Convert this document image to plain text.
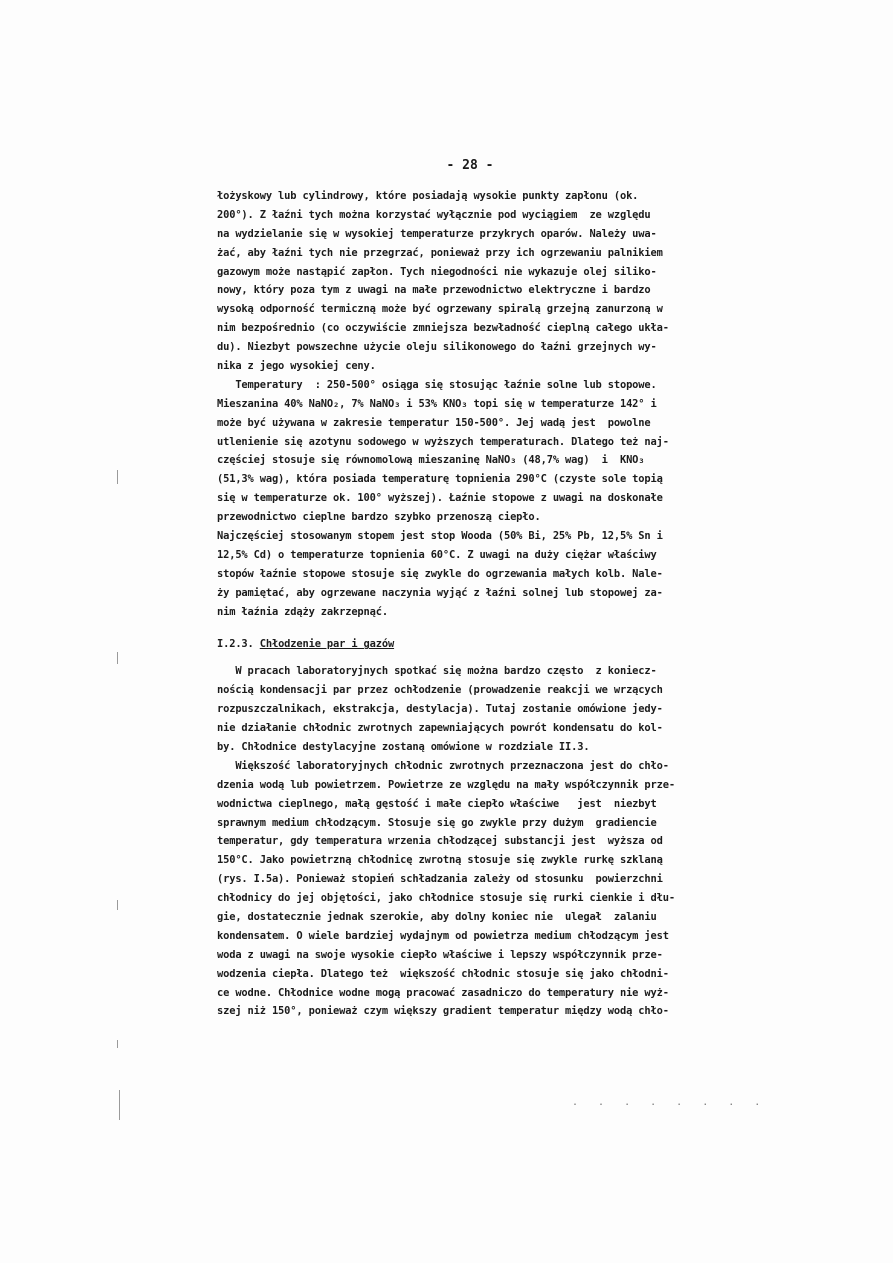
- 28 -
łożyskowy lub cylindrowy, które posiadają wysokie punkty zapłonu (ok.
200°). Z łaźni tych można korzystać wyłącznie pod wyciągiem  ze względu
na wydzielanie się w wysokiej temperaturze przykrych oparów. Należy uwa-
żać, aby łaźni tych nie przegrzać, ponieważ przy ich ogrzewaniu palnikiem
gazowym może nastąpić zapłon. Tych niegodności nie wykazuje olej siliko-
nowy, który poza tym z uwagi na małe przewodnictwo elektryczne i bardzo
wysoką odporność termiczną może być ogrzewany spiralą grzejną zanurzoną w
nim bezpośrednio (co oczywiście zmniejsza bezwładność cieplną całego ukła-
du). Niezbyt powszechne użycie oleju silikonowego do łaźni grzejnych wy-
nika z jego wysokiej ceny.
Temperatury  : 250-500° osiąga się stosując łaźnie solne lub stopowe.
Mieszanina 40% NaNO₂, 7% NaNO₃ i 53% KNO₃ topi się w temperaturze 142° i
może być używana w zakresie temperatur 150-500°. Jej wadą jest  powolne
utlenienie się azotynu sodowego w wyższych temperaturach. Dlatego też naj-
częściej stosuje się równomolową mieszaninę NaNO₃ (48,7% wag)  i  KNO₃
(51,3% wag), która posiada temperaturę topnienia 290°C (czyste sole topią
się w temperaturze ok. 100° wyższej). Łaźnie stopowe z uwagi na doskonałe
przewodnictwo cieplne bardzo szybko przenoszą ciepło.
Najczęściej stosowanym stopem jest stop Wooda (50% Bi, 25% Pb, 12,5% Sn i
12,5% Cd) o temperaturze topnienia 60°C. Z uwagi na duży ciężar właściwy
stopów łaźnie stopowe stosuje się zwykle do ogrzewania małych kolb. Nale-
ży pamiętać, aby ogrzewane naczynia wyjąć z łaźni solnej lub stopowej za-
nim łaźnia zdąży zakrzepnąć.
I.2.3. Chłodzenie par i gazów
W pracach laboratoryjnych spotkać się można bardzo często  z koniecz-
nością kondensacji par przez ochłodzenie (prowadzenie reakcji we wrzących
rozpuszczalnikach, ekstrakcja, destylacja). Tutaj zostanie omówione jedy-
nie działanie chłodnic zwrotnych zapewniających powrót kondensatu do kol-
by. Chłodnice destylacyjne zostaną omówione w rozdziale II.3.
Większość laboratoryjnych chłodnic zwrotnych przeznaczona jest do chło-
dzenia wodą lub powietrzem. Powietrze ze względu na mały współczynnik prze-
wodnictwa cieplnego, małą gęstość i małe ciepło właściwe   jest  niezbyt
sprawnym medium chłodzącym. Stosuje się go zwykle przy dużym  gradiencie
temperatur, gdy temperatura wrzenia chłodzącej substancji jest  wyższa od
150°C. Jako powietrzną chłodnicę zwrotną stosuje się zwykle rurkę szklaną
(rys. I.5a). Ponieważ stopień schładzania zależy od stosunku  powierzchni
chłodnicy do jej objętości, jako chłodnice stosuje się rurki cienkie i dłu-
gie, dostatecznie jednak szerokie, aby dolny koniec nie  ulegał  zalaniu
kondensatem. O wiele bardziej wydajnym od powietrza medium chłodzącym jest
woda z uwagi na swoje wysokie ciepło właściwe i lepszy współczynnik prze-
wodzenia ciepła. Dlatego też  większość chłodnic stosuje się jako chłodni-
ce wodne. Chłodnice wodne mogą pracować zasadniczo do temperatury nie wyż-
szej niż 150°, ponieważ czym większy gradient temperatur między wodą chło-
. . . . . . . .
